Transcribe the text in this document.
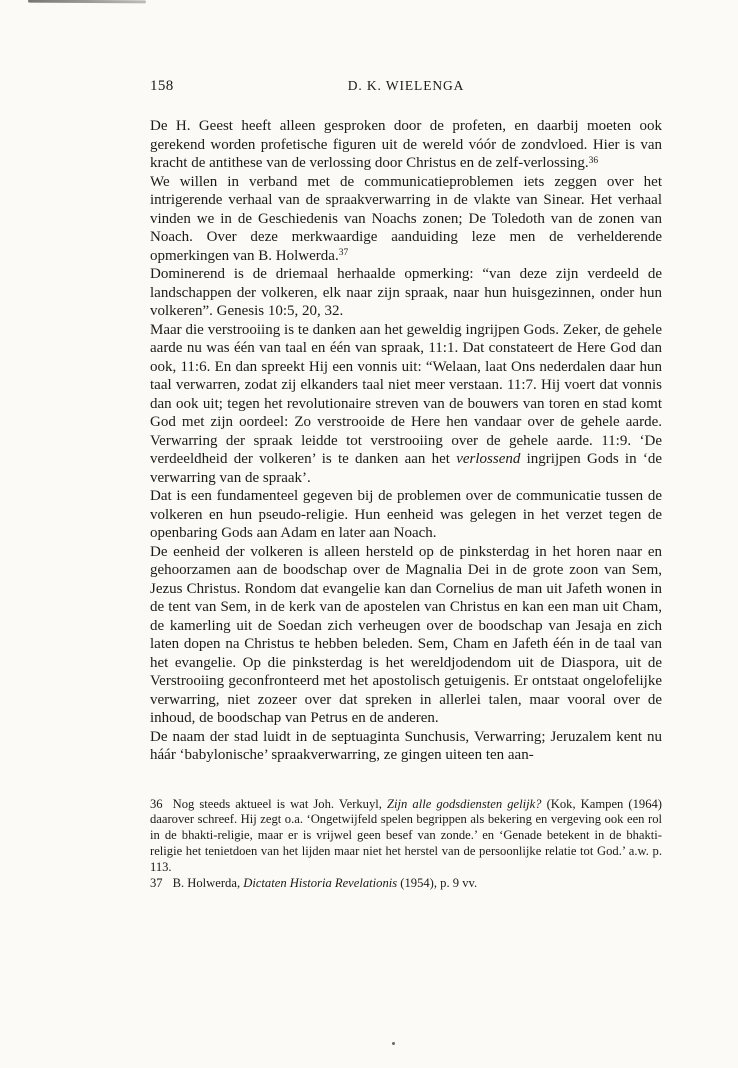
158	D. K. WIELENGA

De H. Geest heeft alleen gesproken door de profeten, en daarbij moeten ook gerekend worden profetische figuren uit de wereld vóór de zondvloed. Hier is van kracht de antithese van de verlossing door Christus en de zelf-verlossing.$^{36}$

We willen in verband met de communicatieproblemen iets zeggen over het intrigerende verhaal van de spraakverwarring in de vlakte van Sinear. Het verhaal vinden we in de Geschiedenis van Noachs zonen; De Toledoth van de zonen van Noach. Over deze merkwaardige aanduiding leze men de verhelderende opmerkingen van B. Holwerda.$^{37}$

Dominerend is de driemaal herhaalde opmerking: “van deze zijn verdeeld de landschappen der volkeren, elk naar zijn spraak, naar hun huisgezinnen, onder hun volkeren”. Genesis 10:5, 20, 32.

Maar die verstrooiing is te danken aan het geweldig ingrijpen Gods. Zeker, de gehele aarde nu was één van taal en één van spraak, 11:1. Dat constateert de Here God dan ook, 11:6. En dan spreekt Hij een vonnis uit: “Welaan, laat Ons nederdalen daar hun taal verwarren, zodat zij elkanders taal niet meer verstaan. 11:7. Hij voert dat vonnis dan ook uit; tegen het revolutionaire streven van de bouwers van toren en stad komt God met zijn oordeel: Zo verstrooide de Here hen vandaar over de gehele aarde. Verwarring der spraak leidde tot verstrooiing over de gehele aarde. 11:9. ‘De verdeeldheid der volkeren’ is te danken aan het verlossend ingrijpen Gods in ‘de verwarring van de spraak’.

Dat is een fundamenteel gegeven bij de problemen over de communicatie tussen de volkeren en hun pseudo-religie. Hun eenheid was gelegen in het verzet tegen de openbaring Gods aan Adam en later aan Noach.

De eenheid der volkeren is alleen hersteld op de pinksterdag in het horen naar en gehoorzamen aan de boodschap over de Magnalia Dei in de grote zoon van Sem, Jezus Christus. Rondom dat evangelie kan dan Cornelius de man uit Jafeth wonen in de tent van Sem, in de kerk van de apostelen van Christus en kan een man uit Cham, de kamerling uit de Soedan zich verheugen over de boodschap van Jesaja en zich laten dopen na Christus te hebben beleden. Sem, Cham en Jafeth één in de taal van het evangelie. Op die pinksterdag is het wereldjodendom uit de Diaspora, uit de Verstrooiing geconfronteerd met het apostolisch getuigenis. Er ontstaat ongelofelijke verwarring, niet zozeer over dat spreken in allerlei talen, maar vooral over de inhoud, de boodschap van Petrus en de anderen.

De naam der stad luidt in de septuaginta Sunchusis, Verwarring; Jeruzalem kent nu háár ‘babylonische’ spraakverwarring, ze gingen uiteen ten aan-

36 Nog steeds aktueel is wat Joh. Verkuyl, Zijn alle godsdiensten gelijk? (Kok, Kampen (1964) daarover schreef. Hij zegt o.a. ‘Ongetwijfeld spelen begrippen als bekering en vergeving ook een rol in de bhakti-religie, maar er is vrijwel geen besef van zonde.’ en ‘Genade betekent in de bhakti-religie het tenietdoen van het lijden maar niet het herstel van de persoonlijke relatie tot God.’ a.w. p. 113.

37 B. Holwerda, Dictaten Historia Revelationis (1954), p. 9 vv.
